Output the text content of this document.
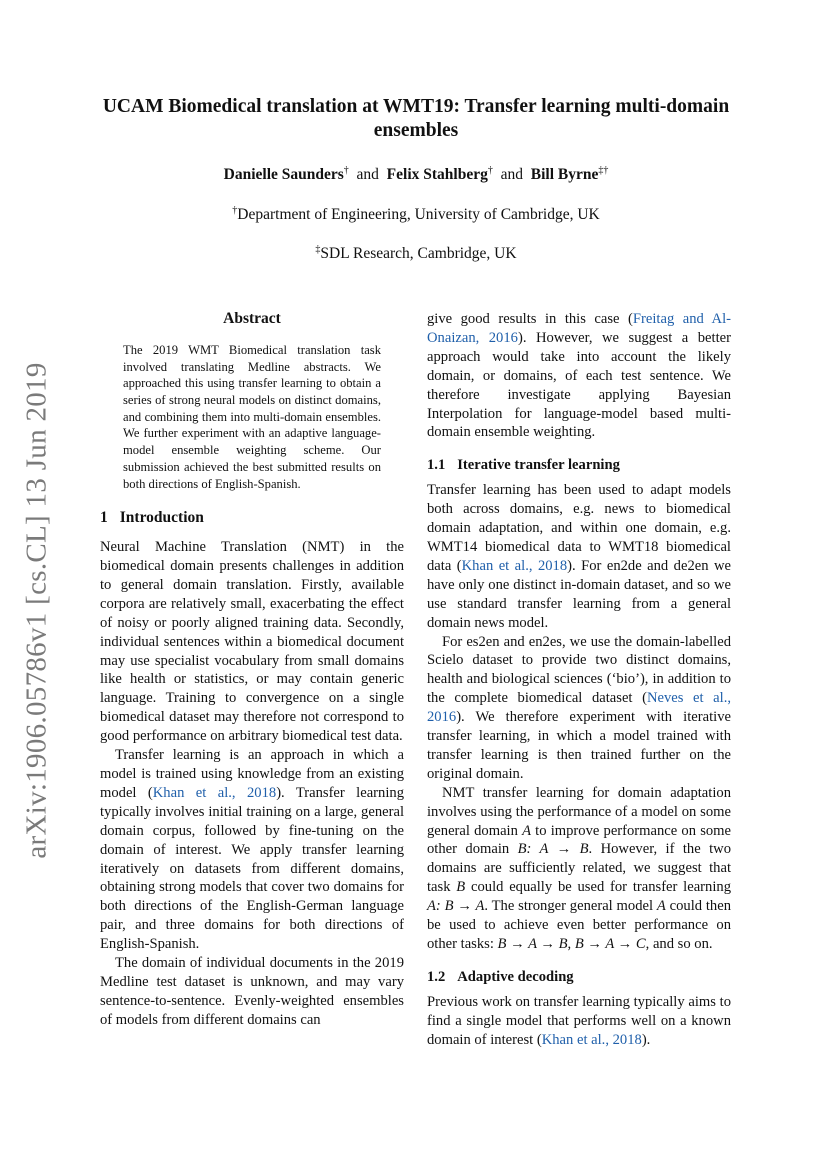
arXiv:1906.05786v1 [cs.CL] 13 Jun 2019
UCAM Biomedical translation at WMT19: Transfer learning multi-domain ensembles
Danielle Saunders† and Felix Stahlberg† and Bill Byrne‡†
†Department of Engineering, University of Cambridge, UK
‡SDL Research, Cambridge, UK
Abstract

The 2019 WMT Biomedical translation task involved translating Medline abstracts. We approached this using transfer learning to obtain a series of strong neural models on distinct domains, and combining them into multi-domain ensembles. We further experiment with an adaptive language-model ensemble weighting scheme. Our submission achieved the best submitted results on both directions of English-Spanish.

1 Introduction

Neural Machine Translation (NMT) in the biomedical domain presents challenges in addition to general domain translation. Firstly, available corpora are relatively small, exacerbating the effect of noisy or poorly aligned training data. Secondly, individual sentences within a biomedical document may use specialist vocabulary from small domains like health or statistics, or may contain generic language. Training to convergence on a single biomedical dataset may therefore not correspond to good performance on arbitrary biomedical test data.

Transfer learning is an approach in which a model is trained using knowledge from an existing model (Khan et al., 2018). Transfer learning typically involves initial training on a large, general domain corpus, followed by fine-tuning on the domain of interest. We apply transfer learning iteratively on datasets from different domains, obtaining strong models that cover two domains for both directions of the English-German language pair, and three domains for both directions of English-Spanish.

The domain of individual documents in the 2019 Medline test dataset is unknown, and may vary sentence-to-sentence. Evenly-weighted ensembles of models from different domains can

give good results in this case (Freitag and Al-Onaizan, 2016). However, we suggest a better approach would take into account the likely domain, or domains, of each test sentence. We therefore investigate applying Bayesian Interpolation for language-model based multi-domain ensemble weighting.

1.1 Iterative transfer learning

Transfer learning has been used to adapt models both across domains, e.g. news to biomedical domain adaptation, and within one domain, e.g. WMT14 biomedical data to WMT18 biomedical data (Khan et al., 2018). For en2de and de2en we have only one distinct in-domain dataset, and so we use standard transfer learning from a general domain news model.

For es2en and en2es, we use the domain-labelled Scielo dataset to provide two distinct domains, health and biological sciences (‘bio’), in addition to the complete biomedical dataset (Neves et al., 2016). We therefore experiment with iterative transfer learning, in which a model trained with transfer learning is then trained further on the original domain.

NMT transfer learning for domain adaptation involves using the performance of a model on some general domain A to improve performance on some other domain B: A → B. However, if the two domains are sufficiently related, we suggest that task B could equally be used for transfer learning A: B → A. The stronger general model A could then be used to achieve even better performance on other tasks: B → A → B, B → A → C, and so on.

1.2 Adaptive decoding

Previous work on transfer learning typically aims to find a single model that performs well on a known domain of interest (Khan et al., 2018).
